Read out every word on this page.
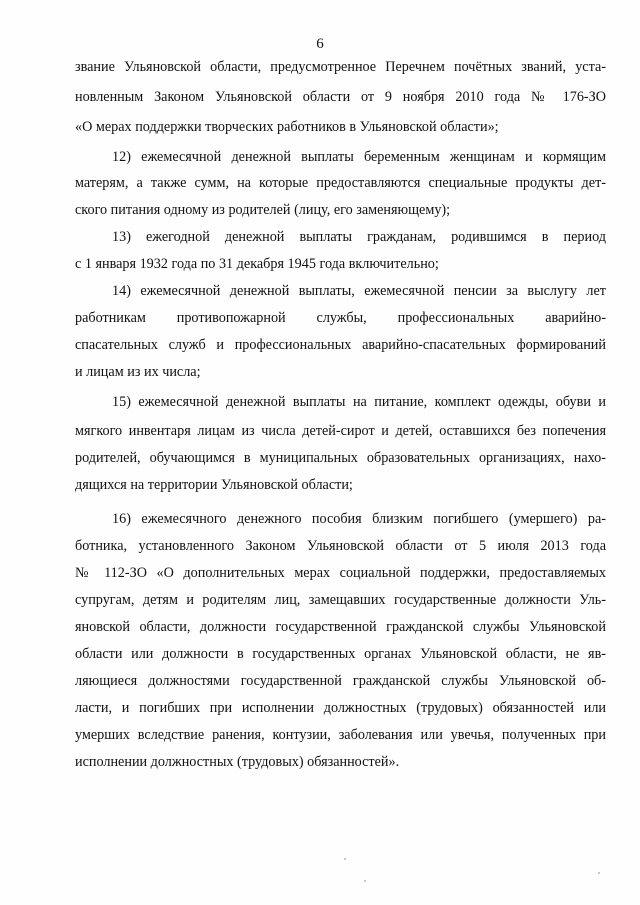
6
звание Ульяновской области, предусмотренное Перечнем почётных званий, уста-
новленным Законом Ульяновской области от 9 ноября 2010 года № 176-ЗО
«О мерах поддержки творческих работников в Ульяновской области»;
12) ежемесячной денежной выплаты беременным женщинам и кормящим
матерям, а также сумм, на которые предоставляются специальные продукты дет-
ского питания одному из родителей (лицу, его заменяющему);
13) ежегодной денежной выплаты гражданам, родившимся в период
с 1 января 1932 года по 31 декабря 1945 года включительно;
14) ежемесячной денежной выплаты, ежемесячной пенсии за выслугу лет
работникам противопожарной службы, профессиональных аварийно-
спасательных служб и профессиональных аварийно-спасательных формирований
и лицам из их числа;
15) ежемесячной денежной выплаты на питание, комплект одежды, обуви и
мягкого инвентаря лицам из числа детей-сирот и детей, оставшихся без попечения
родителей, обучающимся в муниципальных образовательных организациях, нахо-
дящихся на территории Ульяновской области;
16) ежемесячного денежного пособия близким погибшего (умершего) ра-
ботника, установленного Законом Ульяновской области от 5 июля 2013 года
№ 112-ЗО «О дополнительных мерах социальной поддержки, предоставляемых
супругам, детям и родителям лиц, замещавших государственные должности Уль-
яновской области, должности государственной гражданской службы Ульяновской
области или должности в государственных органах Ульяновской области, не яв-
ляющиеся должностями государственной гражданской службы Ульяновской об-
ласти, и погибших при исполнении должностных (трудовых) обязанностей или
умерших вследствие ранения, контузии, заболевания или увечья, полученных при
исполнении должностных (трудовых) обязанностей».
